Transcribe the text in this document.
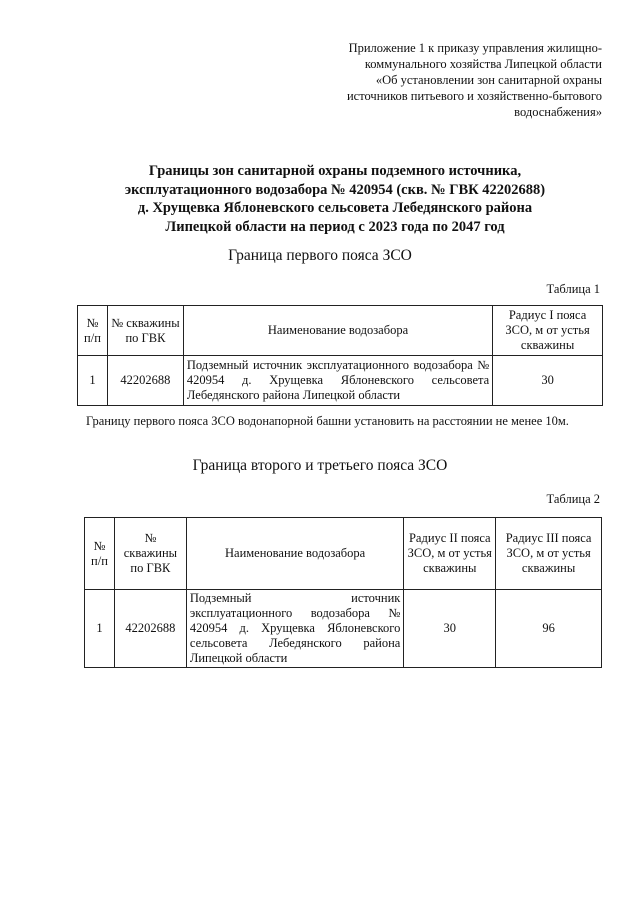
Приложение 1 к приказу управления жилищно-
коммунального хозяйства Липецкой области
«Об установлении зон санитарной охраны
источников питьевого и хозяйственно-бытового
водоснабжения»
Границы зон санитарной охраны подземного источника,
эксплуатационного водозабора № 420954 (скв. № ГВК 42202688)
д. Хрущевка Яблоневского сельсовета Лебедянского района
Липецкой области на период с 2023 года по 2047 год
Граница первого пояса ЗСО
Таблица 1
№ п/п	№ скважины по ГВК	Наименование водозабора	Радиус I пояса ЗСО, м от устья скважины
1	42202688	Подземный источник эксплуатационного водозабора № 420954 д. Хрущевка Яблоневского сельсовета Лебедянского района Липецкой области	30
Границу первого пояса ЗСО водонапорной башни установить на расстоянии не менее 10м.
Граница второго и третьего пояса ЗСО
Таблица 2
№ п/п	№ скважины по ГВК	Наименование водозабора	Радиус II пояса ЗСО, м от устья скважины	Радиус III пояса ЗСО, м от устья скважины
1	42202688	Подземный источник эксплуатационного водозабора № 420954 д. Хрущевка Яблоневского сельсовета Лебедянского района Липецкой области	30	96
